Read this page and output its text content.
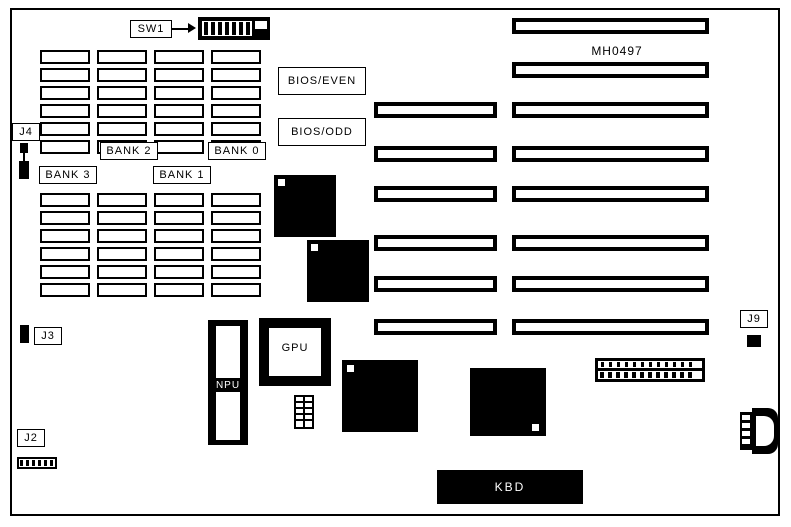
SW1
BANK 2	BANK 0
BANK 3	BANK 1
J4
J3
J2
BIOS/EVEN
BIOS/ODD
MH0497
GPU
NPU
J9
KBD
